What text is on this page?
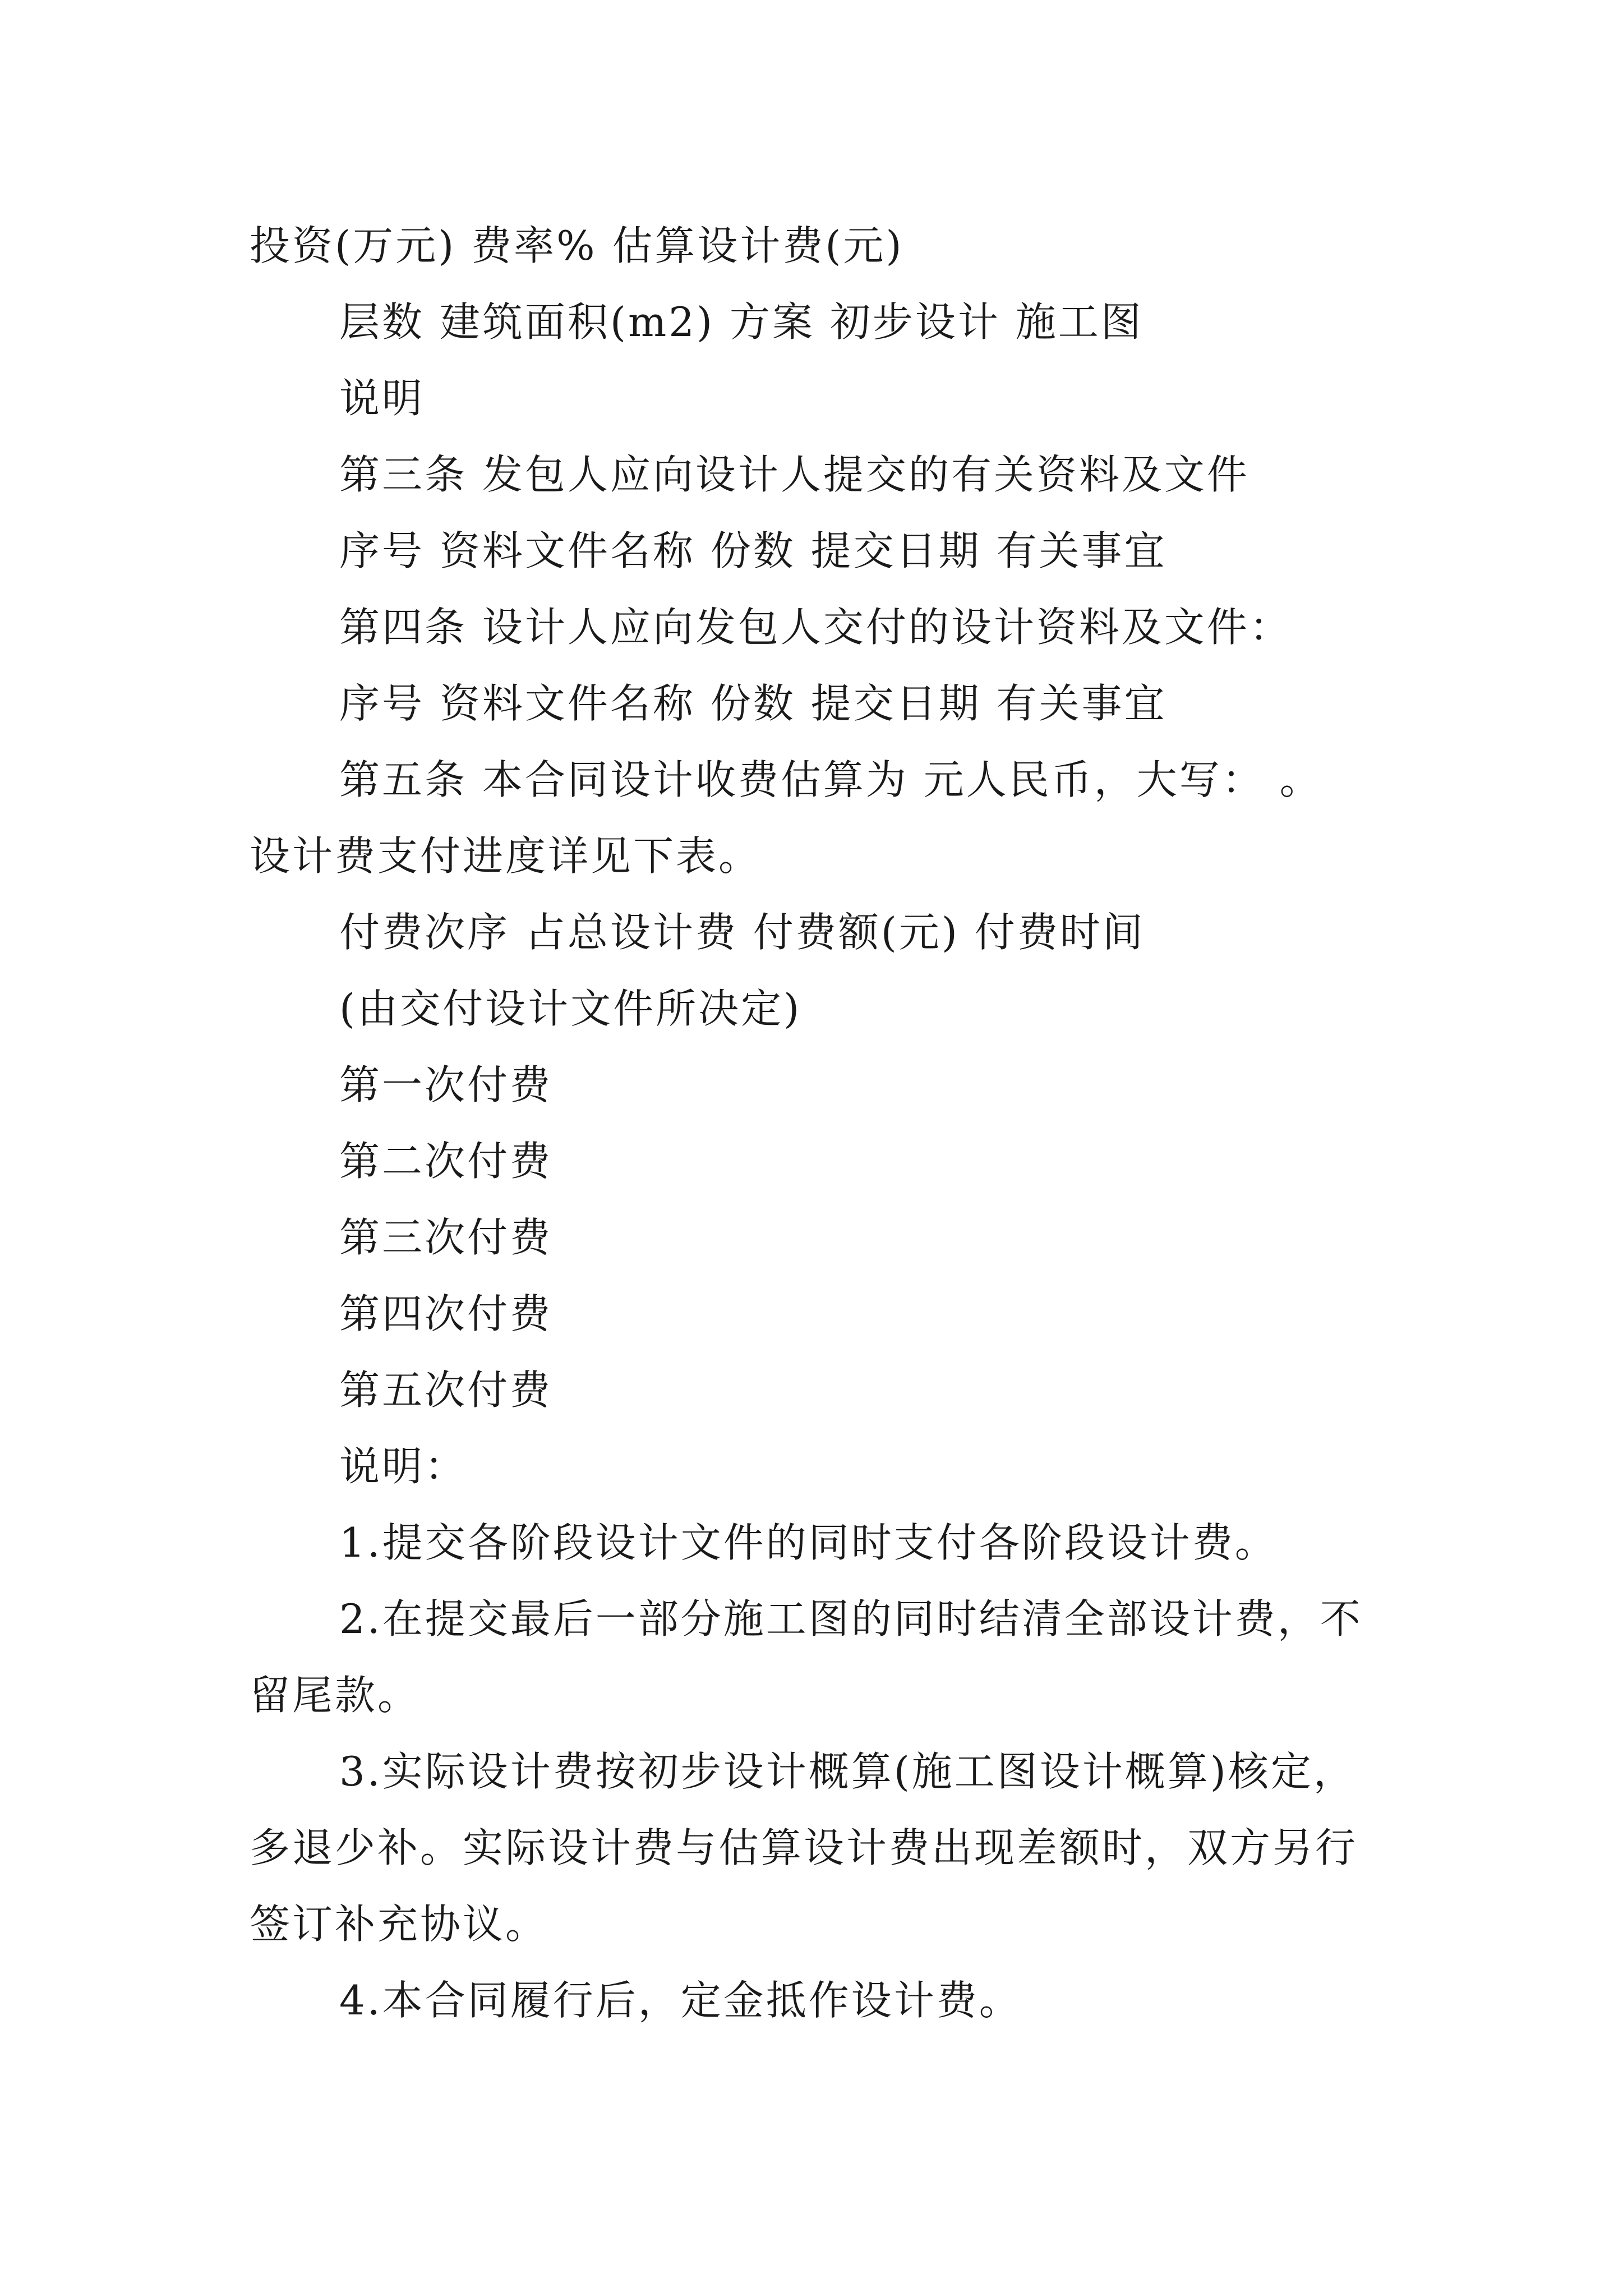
投资(万元) 费率% 估算设计费(元)

层数 建筑面积(m2) 方案 初步设计 施工图

说明

第三条 发包人应向设计人提交的有关资料及文件

序号 资料文件名称 份数 提交日期 有关事宜

第四条 设计人应向发包人交付的设计资料及文件：

序号 资料文件名称 份数 提交日期 有关事宜

第五条 本合同设计收费估算为 元人民币，大写： 。

设计费支付进度详见下表。

付费次序 占总设计费 付费额(元) 付费时间

(由交付设计文件所决定)

第一次付费

第二次付费

第三次付费

第四次付费

第五次付费

说明：

1.提交各阶段设计文件的同时支付各阶段设计费。

2.在提交最后一部分施工图的同时结清全部设计费，不

留尾款。

3.实际设计费按初步设计概算(施工图设计概算)核定，

多退少补。实际设计费与估算设计费出现差额时，双方另行

签订补充协议。

4.本合同履行后，定金抵作设计费。
